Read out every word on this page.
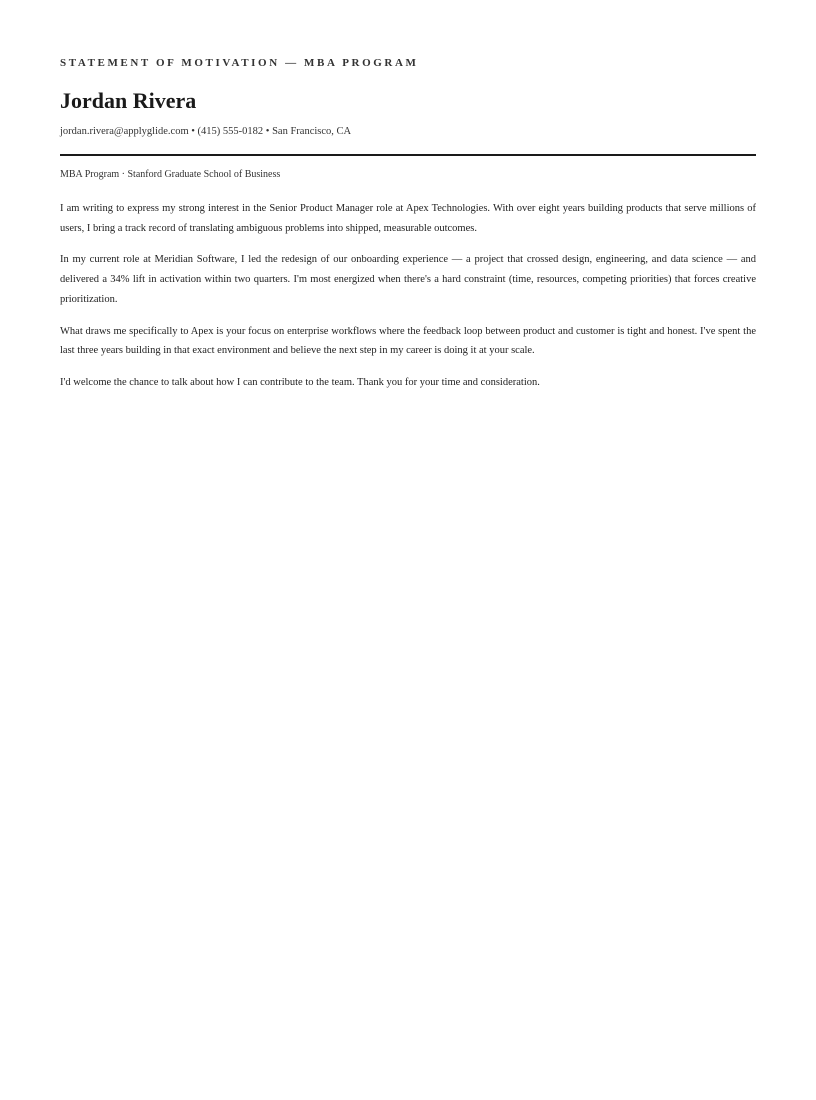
STATEMENT OF MOTIVATION — MBA PROGRAM

Jordan Rivera

jordan.rivera@applyglide.com • (415) 555-0182 • San Francisco, CA

MBA Program · Stanford Graduate School of Business

I am writing to express my strong interest in the Senior Product Manager role at Apex Technologies. With over eight years building products that serve millions of users, I bring a track record of translating ambiguous problems into shipped, measurable outcomes.

In my current role at Meridian Software, I led the redesign of our onboarding experience — a project that crossed design, engineering, and data science — and delivered a 34% lift in activation within two quarters. I'm most energized when there's a hard constraint (time, resources, competing priorities) that forces creative prioritization.

What draws me specifically to Apex is your focus on enterprise workflows where the feedback loop between product and customer is tight and honest. I've spent the last three years building in that exact environment and believe the next step in my career is doing it at your scale.

I'd welcome the chance to talk about how I can contribute to the team. Thank you for your time and consideration.
